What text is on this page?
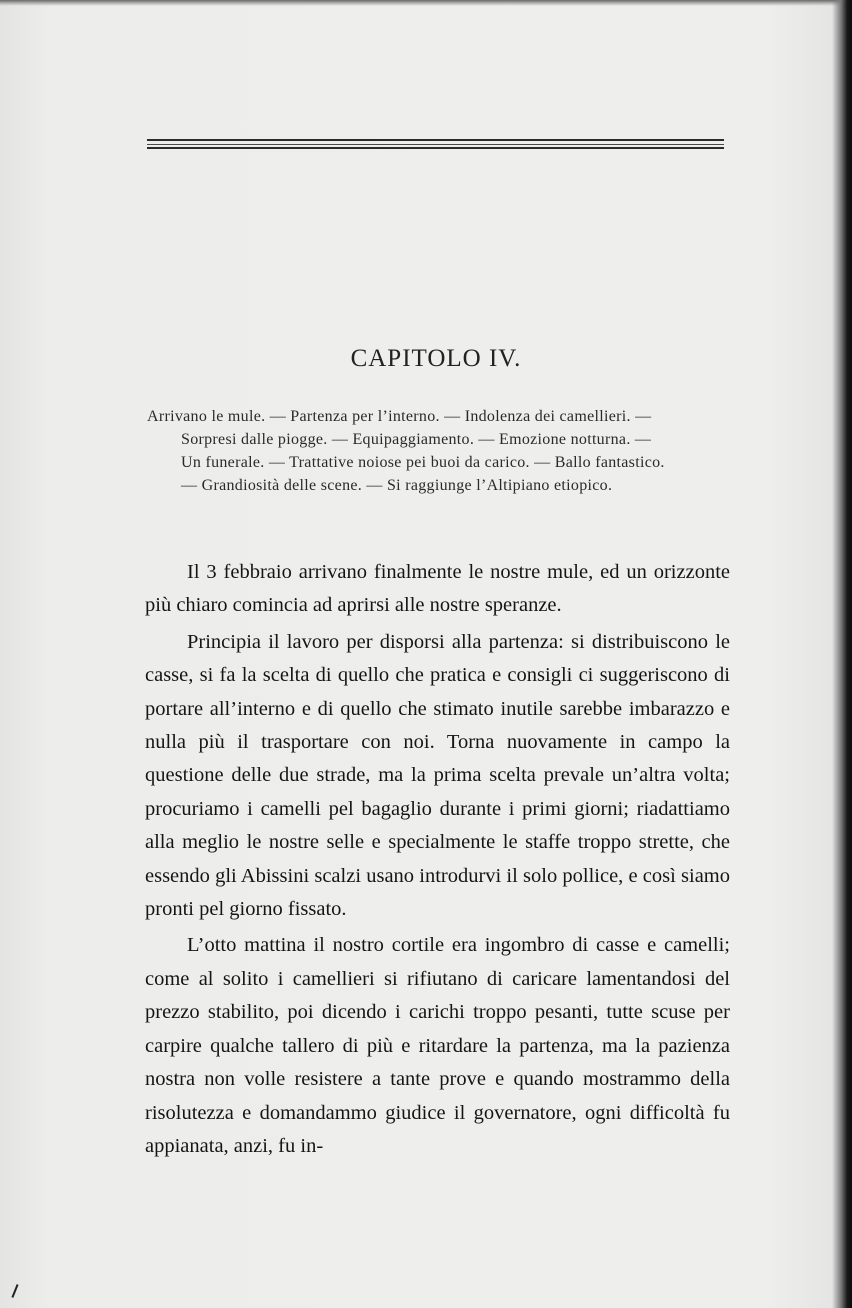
CAPITOLO IV.
Arrivano le mule. — Partenza per l’interno. — Indolenza dei camellieri. —
Sorpresi dalle piogge. — Equipaggiamento. — Emozione notturna. —
Un funerale. — Trattative noiose pei buoi da carico. — Ballo fantastico.
— Grandiosità delle scene. — Si raggiunge l’Altipiano etiopico.

Il 3 febbraio arrivano finalmente le nostre mule, ed un orizzonte più chiaro comincia ad aprirsi alle nostre speranze.

Principia il lavoro per disporsi alla partenza: si distribuiscono le casse, si fa la scelta di quello che pratica e consigli ci suggeriscono di portare all’interno e di quello che stimato inutile sarebbe imbarazzo e nulla più il trasportare con noi. Torna nuovamente in campo la questione delle due strade, ma la prima scelta prevale un’altra volta; procuriamo i camelli pel bagaglio durante i primi giorni; riadattiamo alla meglio le nostre selle e specialmente le staffe troppo strette, che essendo gli Abissini scalzi usano introdurvi il solo pollice, e così siamo pronti pel giorno fissato.

L’otto mattina il nostro cortile era ingombro di casse e camelli; come al solito i camellieri si rifiutano di caricare lamentandosi del prezzo stabilito, poi dicendo i carichi troppo pesanti, tutte scuse per carpire qualche tallero di più e ritardare la partenza, ma la pazienza nostra non volle resistere a tante prove e quando mostrammo della risolutezza e domandammo giudice il governatore, ogni difficoltà fu appianata, anzi, fu in-
